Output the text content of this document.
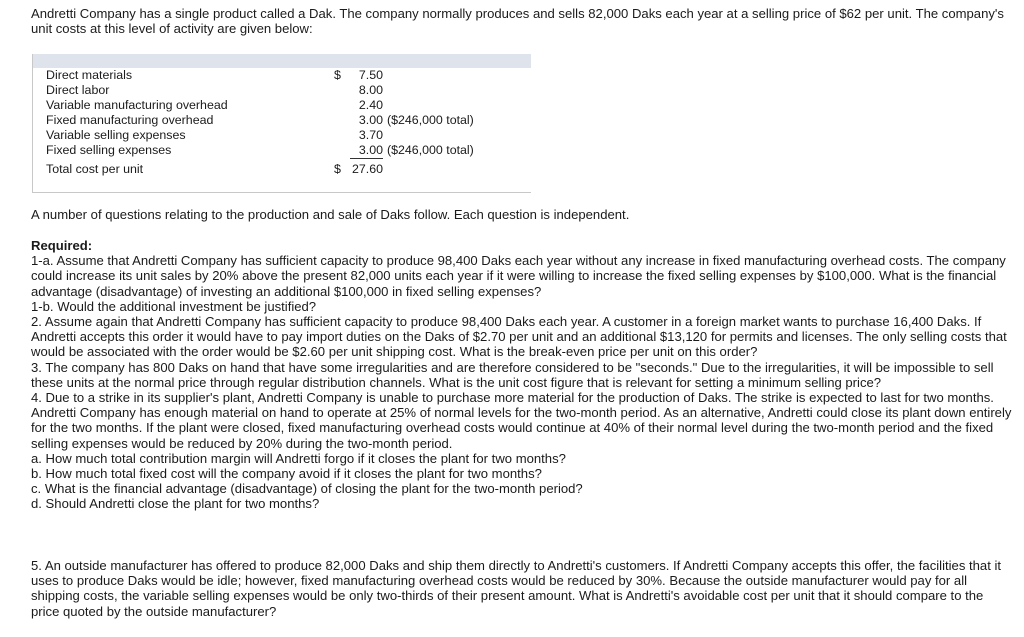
Andretti Company has a single product called a Dak. The company normally produces and sells 82,000 Daks each year at a selling price of $62 per unit. The company's unit costs at this level of activity are given below:

Direct materials	$	7.50	
Direct labor		8.00	
Variable manufacturing overhead		2.40	
Fixed manufacturing overhead		3.00	($246,000 total)
Variable selling expenses		3.70	
Fixed selling expenses		3.00	($246,000 total)
Total cost per unit	$	27.60	

A number of questions relating to the production and sale of Daks follow. Each question is independent.

Required:
1-a. Assume that Andretti Company has sufficient capacity to produce 98,400 Daks each year without any increase in fixed manufacturing overhead costs. The company could increase its unit sales by 20% above the present 82,000 units each year if it were willing to increase the fixed selling expenses by $100,000. What is the financial advantage (disadvantage) of investing an additional $100,000 in fixed selling expenses?
1-b. Would the additional investment be justified?
2. Assume again that Andretti Company has sufficient capacity to produce 98,400 Daks each year. A customer in a foreign market wants to purchase 16,400 Daks. If Andretti accepts this order it would have to pay import duties on the Daks of $2.70 per unit and an additional $13,120 for permits and licenses. The only selling costs that would be associated with the order would be $2.60 per unit shipping cost. What is the break-even price per unit on this order?
3. The company has 800 Daks on hand that have some irregularities and are therefore considered to be "seconds." Due to the irregularities, it will be impossible to sell these units at the normal price through regular distribution channels. What is the unit cost figure that is relevant for setting a minimum selling price?
4. Due to a strike in its supplier's plant, Andretti Company is unable to purchase more material for the production of Daks. The strike is expected to last for two months. Andretti Company has enough material on hand to operate at 25% of normal levels for the two-month period. As an alternative, Andretti could close its plant down entirely for the two months. If the plant were closed, fixed manufacturing overhead costs would continue at 40% of their normal level during the two-month period and the fixed selling expenses would be reduced by 20% during the two-month period.
a. How much total contribution margin will Andretti forgo if it closes the plant for two months?
b. How much total fixed cost will the company avoid if it closes the plant for two months?
c. What is the financial advantage (disadvantage) of closing the plant for the two-month period?
d. Should Andretti close the plant for two months?

5. An outside manufacturer has offered to produce 82,000 Daks and ship them directly to Andretti's customers. If Andretti Company accepts this offer, the facilities that it uses to produce Daks would be idle; however, fixed manufacturing overhead costs would be reduced by 30%. Because the outside manufacturer would pay for all shipping costs, the variable selling expenses would be only two-thirds of their present amount. What is Andretti's avoidable cost per unit that it should compare to the price quoted by the outside manufacturer?
